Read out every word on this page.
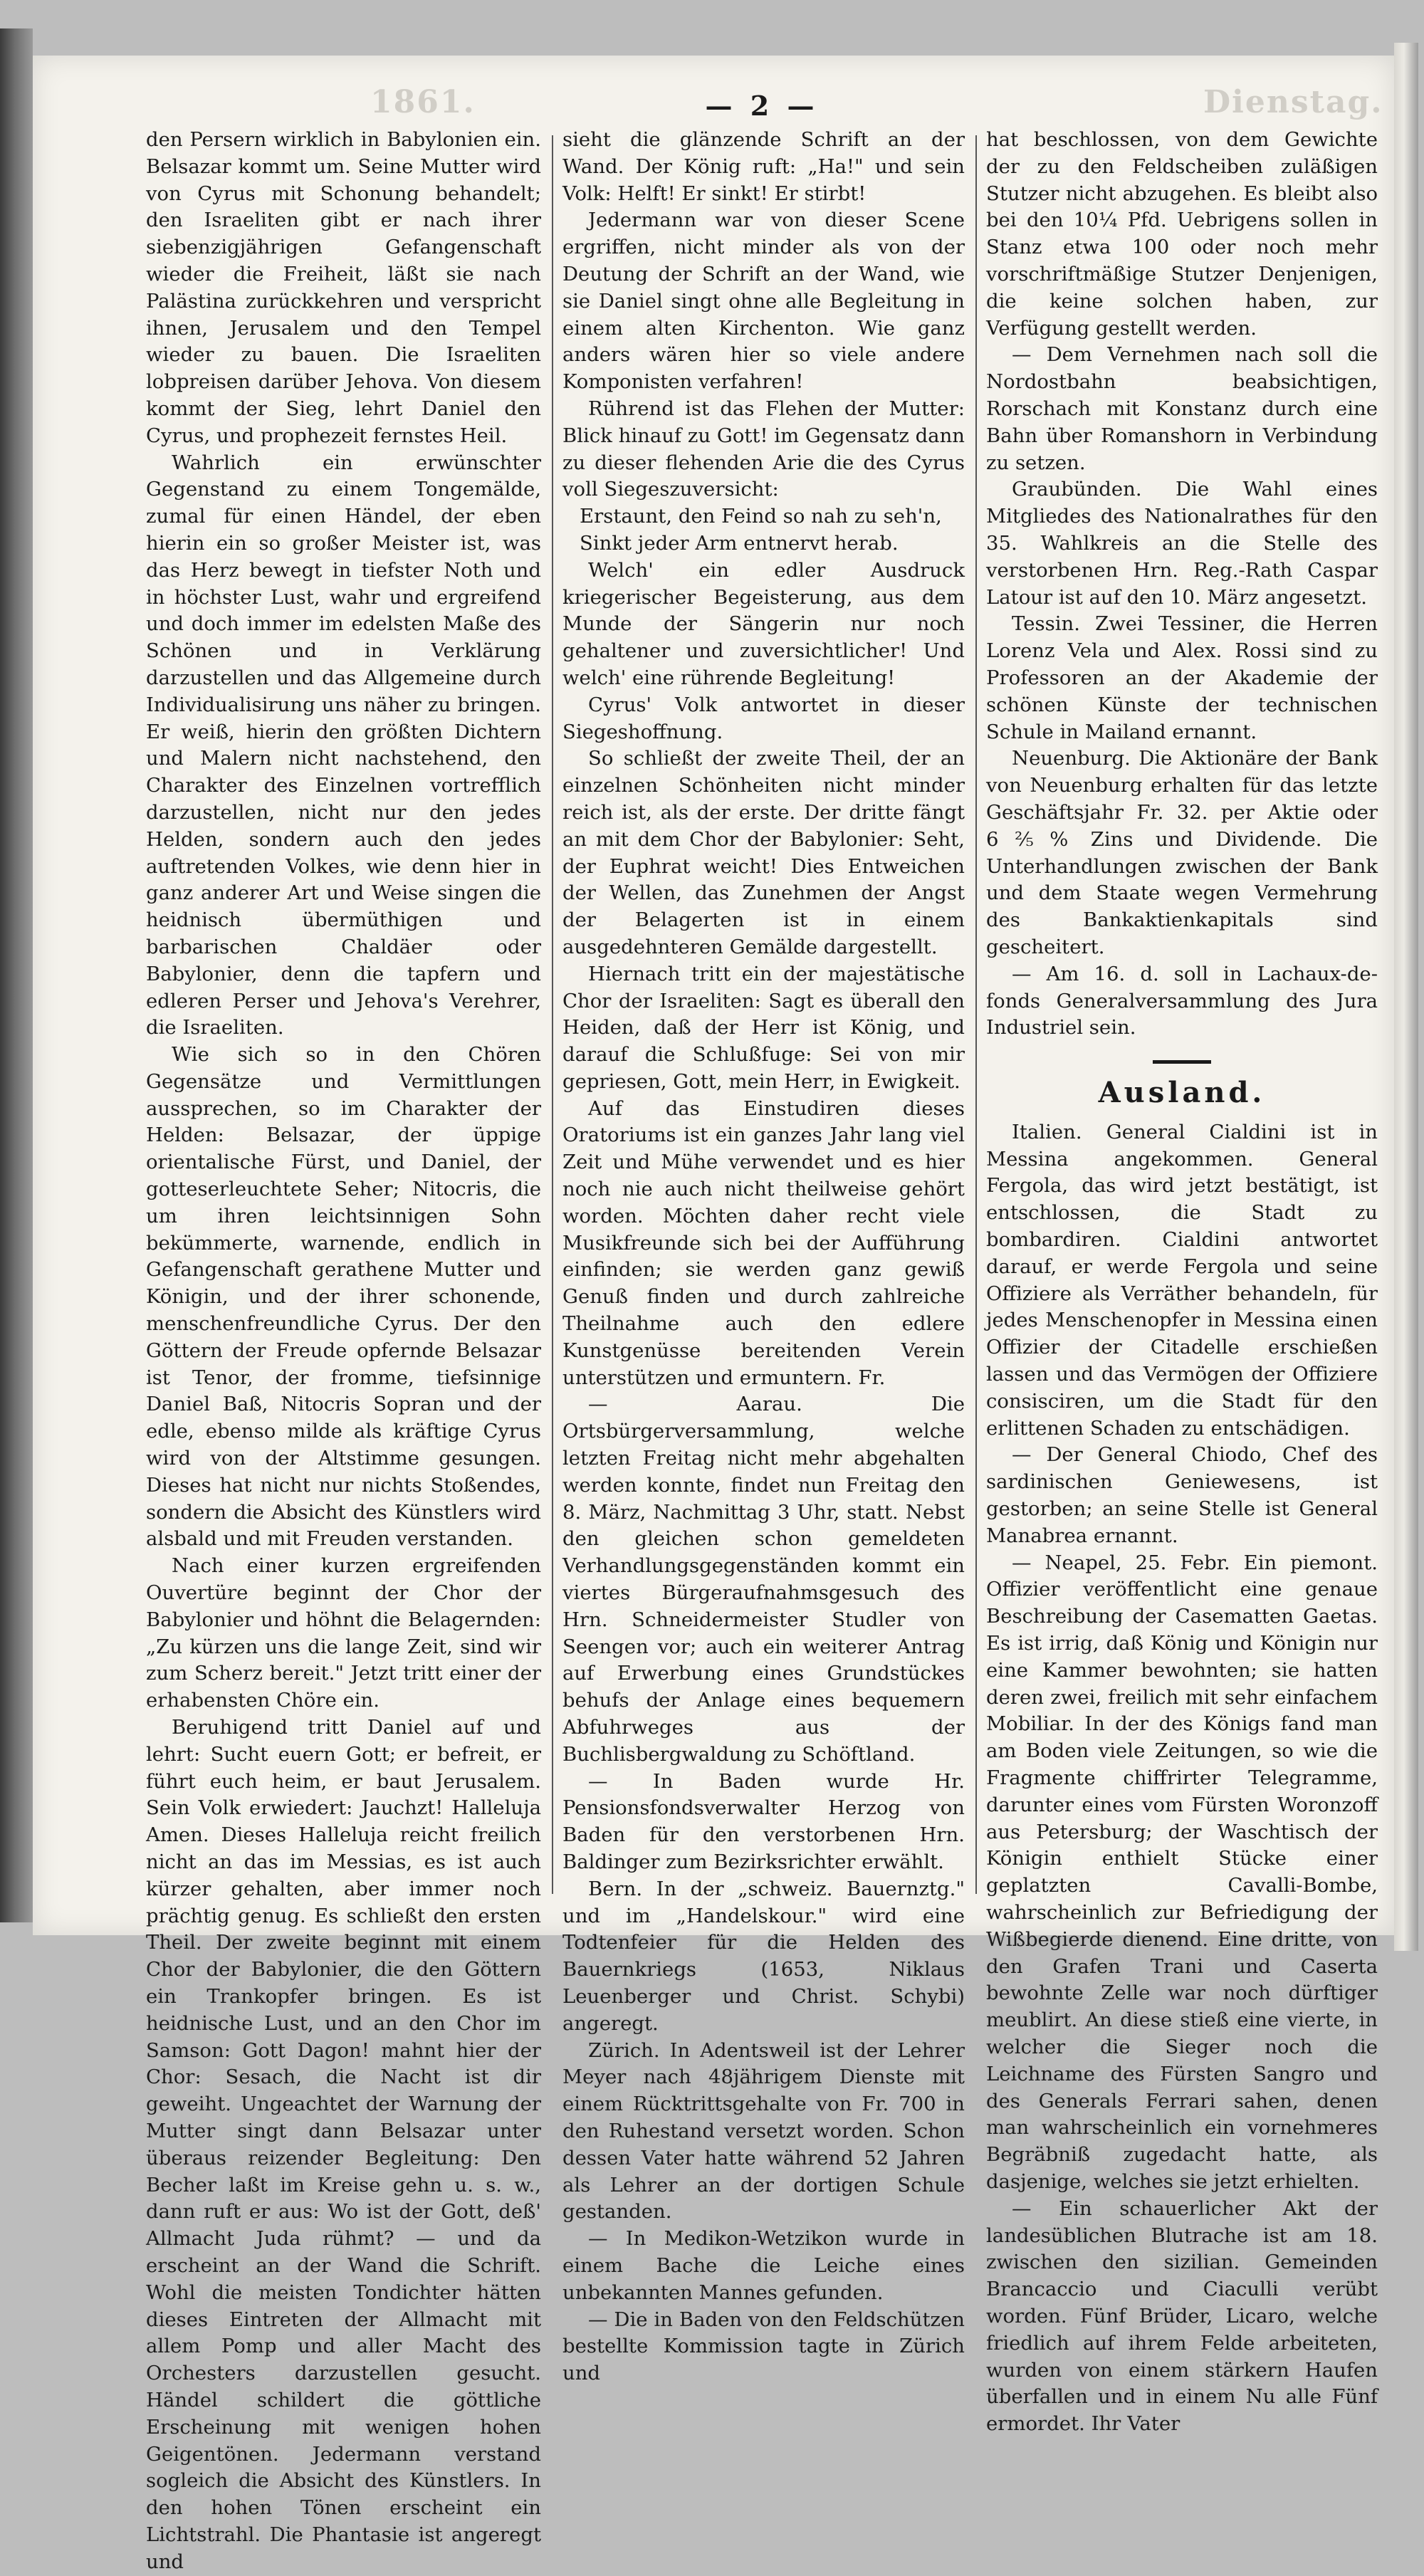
1861.	Dienstag.
— 2 —

den Persern wirklich in Babylonien ein. Belsazar kommt um. Seine Mutter wird von Cyrus mit Schonung behandelt; den Israeliten gibt er nach ihrer siebenzigjährigen Gefangenschaft wieder die Freiheit, läßt sie nach Palästina zurückkehren und verspricht ihnen, Jerusalem und den Tempel wieder zu bauen. Die Israeliten lobpreisen darüber Jehova. Von diesem kommt der Sieg, lehrt Daniel den Cyrus, und prophezeit fernstes Heil.

Wahrlich ein erwünschter Gegenstand zu einem Tongemälde, zumal für einen Händel, der eben hierin ein so großer Meister ist, was das Herz bewegt in tiefster Noth und in höchster Lust, wahr und ergreifend und doch immer im edelsten Maße des Schönen und in Verklärung darzustellen und das Allgemeine durch Individualisirung uns näher zu bringen. Er weiß, hierin den größten Dichtern und Malern nicht nachstehend, den Charakter des Einzelnen vortrefflich darzustellen, nicht nur den jedes Helden, sondern auch den jedes auftretenden Volkes, wie denn hier in ganz anderer Art und Weise singen die heidnisch übermüthigen und barbarischen Chaldäer oder Babylonier, denn die tapfern und edleren Perser und Jehova's Verehrer, die Israeliten.

Wie sich so in den Chören Gegensätze und Vermittlungen aussprechen, so im Charakter der Helden: Belsazar, der üppige orientalische Fürst, und Daniel, der gotteserleuchtete Seher; Nitocris, die um ihren leichtsinnigen Sohn bekümmerte, warnende, endlich in Gefangenschaft gerathene Mutter und Königin, und der ihrer schonende, menschenfreundliche Cyrus. Der den Göttern der Freude opfernde Belsazar ist Tenor, der fromme, tiefsinnige Daniel Baß, Nitocris Sopran und der edle, ebenso milde als kräftige Cyrus wird von der Altstimme gesungen. Dieses hat nicht nur nichts Stoßendes, sondern die Absicht des Künstlers wird alsbald und mit Freuden verstanden.

Nach einer kurzen ergreifenden Ouvertüre beginnt der Chor der Babylonier und höhnt die Belagernden: „Zu kürzen uns die lange Zeit, sind wir zum Scherz bereit." Jetzt tritt einer der erhabensten Chöre ein.

Beruhigend tritt Daniel auf und lehrt: Sucht euern Gott; er befreit, er führt euch heim, er baut Jerusalem. Sein Volk erwiedert: Jauchzt! Halleluja Amen. Dieses Halleluja reicht freilich nicht an das im Messias, es ist auch kürzer gehalten, aber immer noch prächtig genug. Es schließt den ersten Theil. Der zweite beginnt mit einem Chor der Babylonier, die den Göttern ein Trankopfer bringen. Es ist heidnische Lust, und an den Chor im Samson: Gott Dagon! mahnt hier der Chor: Sesach, die Nacht ist dir geweiht. Ungeachtet der Warnung der Mutter singt dann Belsazar unter überaus reizender Begleitung: Den Becher laßt im Kreise gehn u. s. w., dann ruft er aus: Wo ist der Gott, deß' Allmacht Juda rühmt? — und da erscheint an der Wand die Schrift. Wohl die meisten Tondichter hätten dieses Eintreten der Allmacht mit allem Pomp und aller Macht des Orchesters darzustellen gesucht. Händel schildert die göttliche Erscheinung mit wenigen hohen Geigentönen. Jedermann verstand sogleich die Absicht des Künstlers. In den hohen Tönen erscheint ein Lichtstrahl. Die Phantasie ist angeregt und

sieht die glänzende Schrift an der Wand. Der König ruft: „Ha!" und sein Volk: Helft! Er sinkt! Er stirbt!

Jedermann war von dieser Scene ergriffen, nicht minder als von der Deutung der Schrift an der Wand, wie sie Daniel singt ohne alle Begleitung in einem alten Kirchenton. Wie ganz anders wären hier so viele andere Komponisten verfahren!

Rührend ist das Flehen der Mutter: Blick hinauf zu Gott! im Gegensatz dann zu dieser flehenden Arie die des Cyrus voll Siegeszuversicht:

Erstaunt, den Feind so nah zu seh'n,

Sinkt jeder Arm entnervt herab.

Welch' ein edler Ausdruck kriegerischer Begeisterung, aus dem Munde der Sängerin nur noch gehaltener und zuversichtlicher! Und welch' eine rührende Begleitung!

Cyrus' Volk antwortet in dieser Siegeshoffnung.

So schließt der zweite Theil, der an einzelnen Schönheiten nicht minder reich ist, als der erste. Der dritte fängt an mit dem Chor der Babylonier: Seht, der Euphrat weicht! Dies Entweichen der Wellen, das Zunehmen der Angst der Belagerten ist in einem ausgedehnteren Gemälde dargestellt.

Hiernach tritt ein der majestätische Chor der Israeliten: Sagt es überall den Heiden, daß der Herr ist König, und darauf die Schlußfuge: Sei von mir gepriesen, Gott, mein Herr, in Ewigkeit.

Auf das Einstudiren dieses Oratoriums ist ein ganzes Jahr lang viel Zeit und Mühe verwendet und es hier noch nie auch nicht theilweise gehört worden. Möchten daher recht viele Musikfreunde sich bei der Aufführung einfinden; sie werden ganz gewiß Genuß finden und durch zahlreiche Theilnahme auch den edlere Kunstgenüsse bereitenden Verein unterstützen und ermuntern. Fr.

— Aarau. Die Ortsbürgerversammlung, welche letzten Freitag nicht mehr abgehalten werden konnte, findet nun Freitag den 8. März, Nachmittag 3 Uhr, statt. Nebst den gleichen schon gemeldeten Verhandlungsgegenständen kommt ein viertes Bürgeraufnahmsgesuch des Hrn. Schneidermeister Studler von Seengen vor; auch ein weiterer Antrag auf Erwerbung eines Grundstückes behufs der Anlage eines bequemern Abfuhrweges aus der Buchlisbergwaldung zu Schöftland.

— In Baden wurde Hr. Pensionsfondsverwalter Herzog von Baden für den verstorbenen Hrn. Baldinger zum Bezirksrichter erwählt.

Bern. In der „schweiz. Bauernztg." und im „Handelskour." wird eine Todtenfeier für die Helden des Bauernkriegs (1653, Niklaus Leuenberger und Christ. Schybi) angeregt.

Zürich. In Adentsweil ist der Lehrer Meyer nach 48jährigem Dienste mit einem Rücktrittsgehalte von Fr. 700 in den Ruhestand versetzt worden. Schon dessen Vater hatte während 52 Jahren als Lehrer an der dortigen Schule gestanden.

— In Medikon-Wetzikon wurde in einem Bache die Leiche eines unbekannten Mannes gefunden.

— Die in Baden von den Feldschützen bestellte Kommission tagte in Zürich und

hat beschlossen, von dem Gewichte der zu den Feldscheiben zuläßigen Stutzer nicht abzugehen. Es bleibt also bei den 10¼ Pfd. Uebrigens sollen in Stanz etwa 100 oder noch mehr vorschriftmäßige Stutzer Denjenigen, die keine solchen haben, zur Verfügung gestellt werden.

— Dem Vernehmen nach soll die Nordostbahn beabsichtigen, Rorschach mit Konstanz durch eine Bahn über Romanshorn in Verbindung zu setzen.

Graubünden. Die Wahl eines Mitgliedes des Nationalrathes für den 35. Wahlkreis an die Stelle des verstorbenen Hrn. Reg.-Rath Caspar Latour ist auf den 10. März angesetzt.

Tessin. Zwei Tessiner, die Herren Lorenz Vela und Alex. Rossi sind zu Professoren an der Akademie der schönen Künste der technischen Schule in Mailand ernannt.

Neuenburg. Die Aktionäre der Bank von Neuenburg erhalten für das letzte Geschäftsjahr Fr. 32. per Aktie oder 6⅖% Zins und Dividende. Die Unterhandlungen zwischen der Bank und dem Staate wegen Vermehrung des Bankaktienkapitals sind gescheitert.

— Am 16. d. soll in Lachaux-de-fonds Generalversammlung des Jura Industriel sein.

Ausland.

Italien. General Cialdini ist in Messina angekommen. General Fergola, das wird jetzt bestätigt, ist entschlossen, die Stadt zu bombardiren. Cialdini antwortet darauf, er werde Fergola und seine Offiziere als Verräther behandeln, für jedes Menschenopfer in Messina einen Offizier der Citadelle erschießen lassen und das Vermögen der Offiziere consisciren, um die Stadt für den erlittenen Schaden zu entschädigen.

— Der General Chiodo, Chef des sardinischen Geniewesens, ist gestorben; an seine Stelle ist General Manabrea ernannt.

— Neapel, 25. Febr. Ein piemont. Offizier veröffentlicht eine genaue Beschreibung der Casematten Gaetas. Es ist irrig, daß König und Königin nur eine Kammer bewohnten; sie hatten deren zwei, freilich mit sehr einfachem Mobiliar. In der des Königs fand man am Boden viele Zeitungen, so wie die Fragmente chiffrirter Telegramme, darunter eines vom Fürsten Woronzoff aus Petersburg; der Waschtisch der Königin enthielt Stücke einer geplatzten Cavalli-Bombe, wahrscheinlich zur Befriedigung der Wißbegierde dienend. Eine dritte, von den Grafen Trani und Caserta bewohnte Zelle war noch dürftiger meublirt. An diese stieß eine vierte, in welcher die Sieger noch die Leichname des Fürsten Sangro und des Generals Ferrari sahen, denen man wahrscheinlich ein vornehmeres Begräbniß zugedacht hatte, als dasjenige, welches sie jetzt erhielten.

— Ein schauerlicher Akt der landesüblichen Blutrache ist am 18. zwischen den sizilian. Gemeinden Brancaccio und Ciaculli verübt worden. Fünf Brüder, Licaro, welche friedlich auf ihrem Felde arbeiteten, wurden von einem stärkern Haufen überfallen und in einem Nu alle Fünf ermordet. Ihr Vater
